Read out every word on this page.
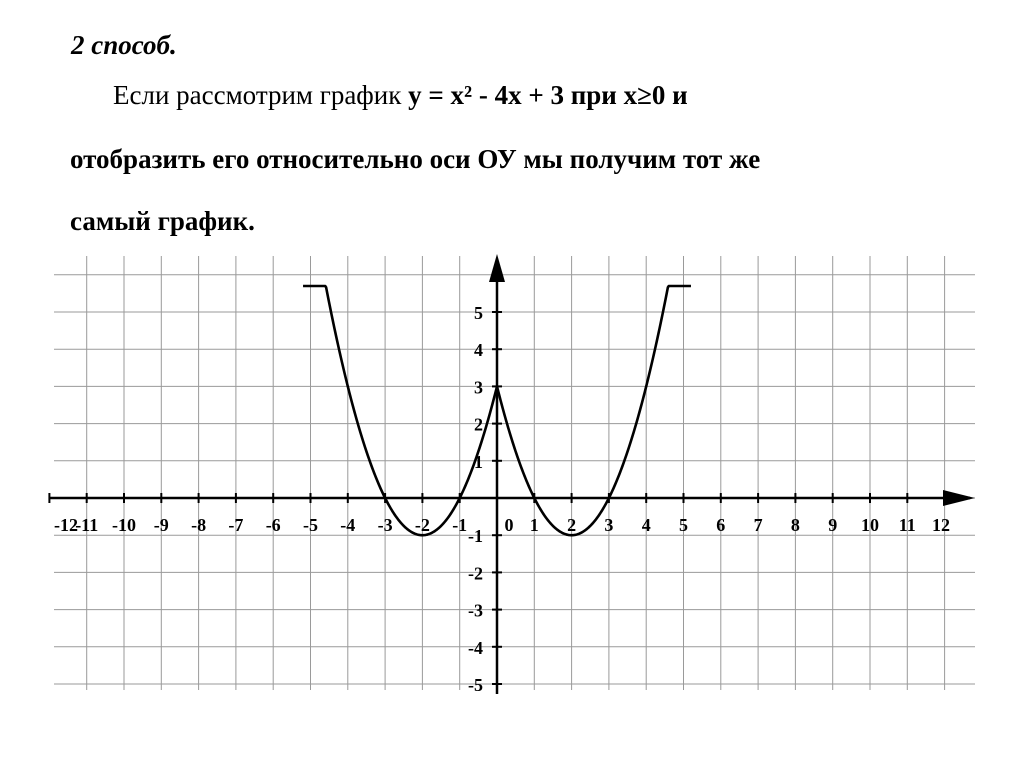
2 способ.
Если рассмотрим график y = x² - 4x + 3 при x≥0 и
отобразить его относительно оси ОУ мы получим тот же
самый график.
-12
-11 -10 -9 -8 -7 -6 -5 -4 -3 -2 -1 0 1 2 3 4 5 6 7 8 9 10 11 12
5
4
3
2
1
-1
-2
-3
-4
-5
